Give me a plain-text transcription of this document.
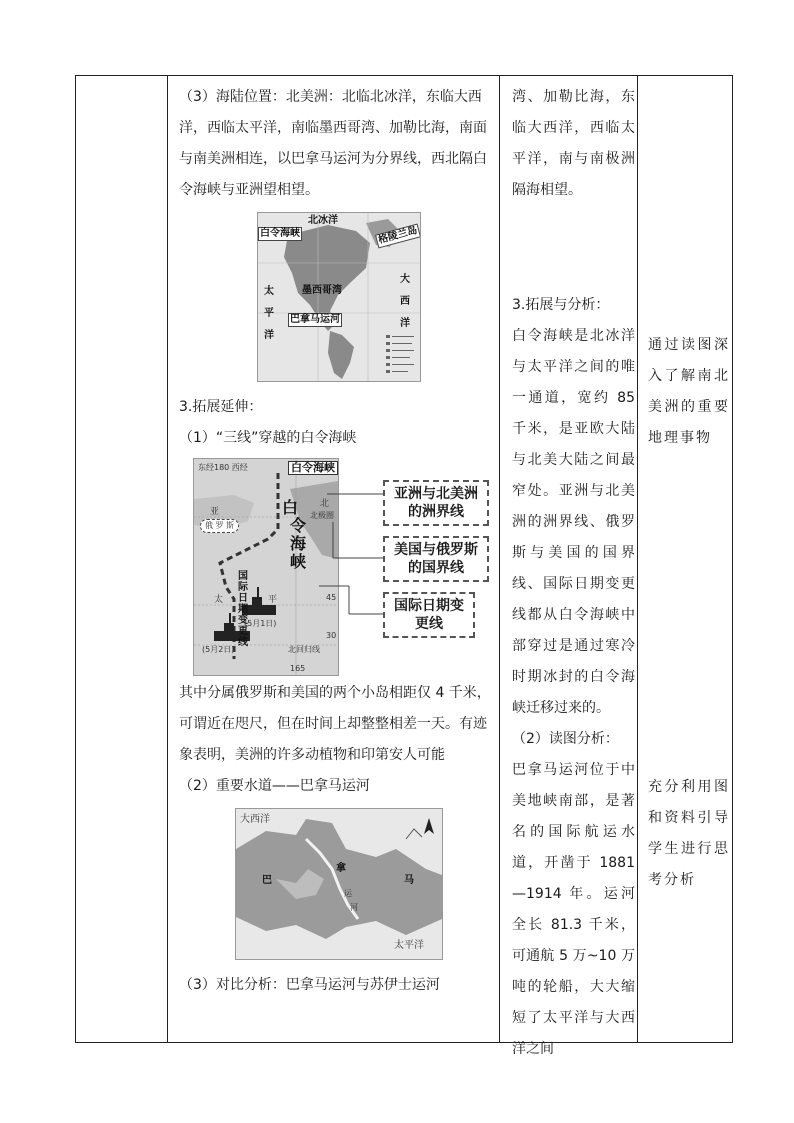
（3）海陆位置：北美洲：北临北冰洋，东临大西洋，西临太平洋，南临墨西哥湾、加勒比海，南面与南美洲相连，以巴拿马运河为分界线，西北隔白令海峡与亚洲望相望。

北冰洋
白令海峡	格陵兰岛
墨西哥湾
巴拿马运河
太平洋
大西洋

3.拓展延伸：

（1）“三线”穿越的白令海峡

东经180 西经	白令海峡
亚
俄 罗 斯
白
令
海
峡
北
北极圈
太	平
国
际
日
期
变
更
线
(5月1日)
(5月2日)
45
30
北回归线
165
亚洲与北美洲
的洲界线
美国与俄罗斯
的国界线
国际日期变
更线

其中分属俄罗斯和美国的两个小岛相距仅 4 千米，可谓近在咫尺，但在时间上却整整相差一天。有迹象表明，美洲的许多动植物和印第安人可能

（2）重要水道——巴拿马运河

大西洋
巴
拿
马
运
河
太平洋

（3）对比分析：巴拿马运河与苏伊士运河

湾、加勒比海，东临大西洋，西临太平洋，南与南极洲隔海相望。

3.拓展与分析：

白令海峡是北冰洋与太平洋之间的唯一通道，宽约 85 千米，是亚欧大陆与北美大陆之间最窄处。亚洲与北美洲的洲界线、俄罗斯与美国的国界线、国际日期变更线都从白令海峡中部穿过是通过寒冷时期冰封的白令海峡迁移过来的。

（2）读图分析：

巴拿马运河位于中美地峡南部，是著名的国际航运水道，开凿于 1881—1914 年。运河全长 81.3 千米，可通航 5 万~10 万吨的轮船，大大缩短了太平洋与大西洋之间

通过读图深入了解南北美洲的重要地理事物

充分利用图和资料引导学生进行思考分析
